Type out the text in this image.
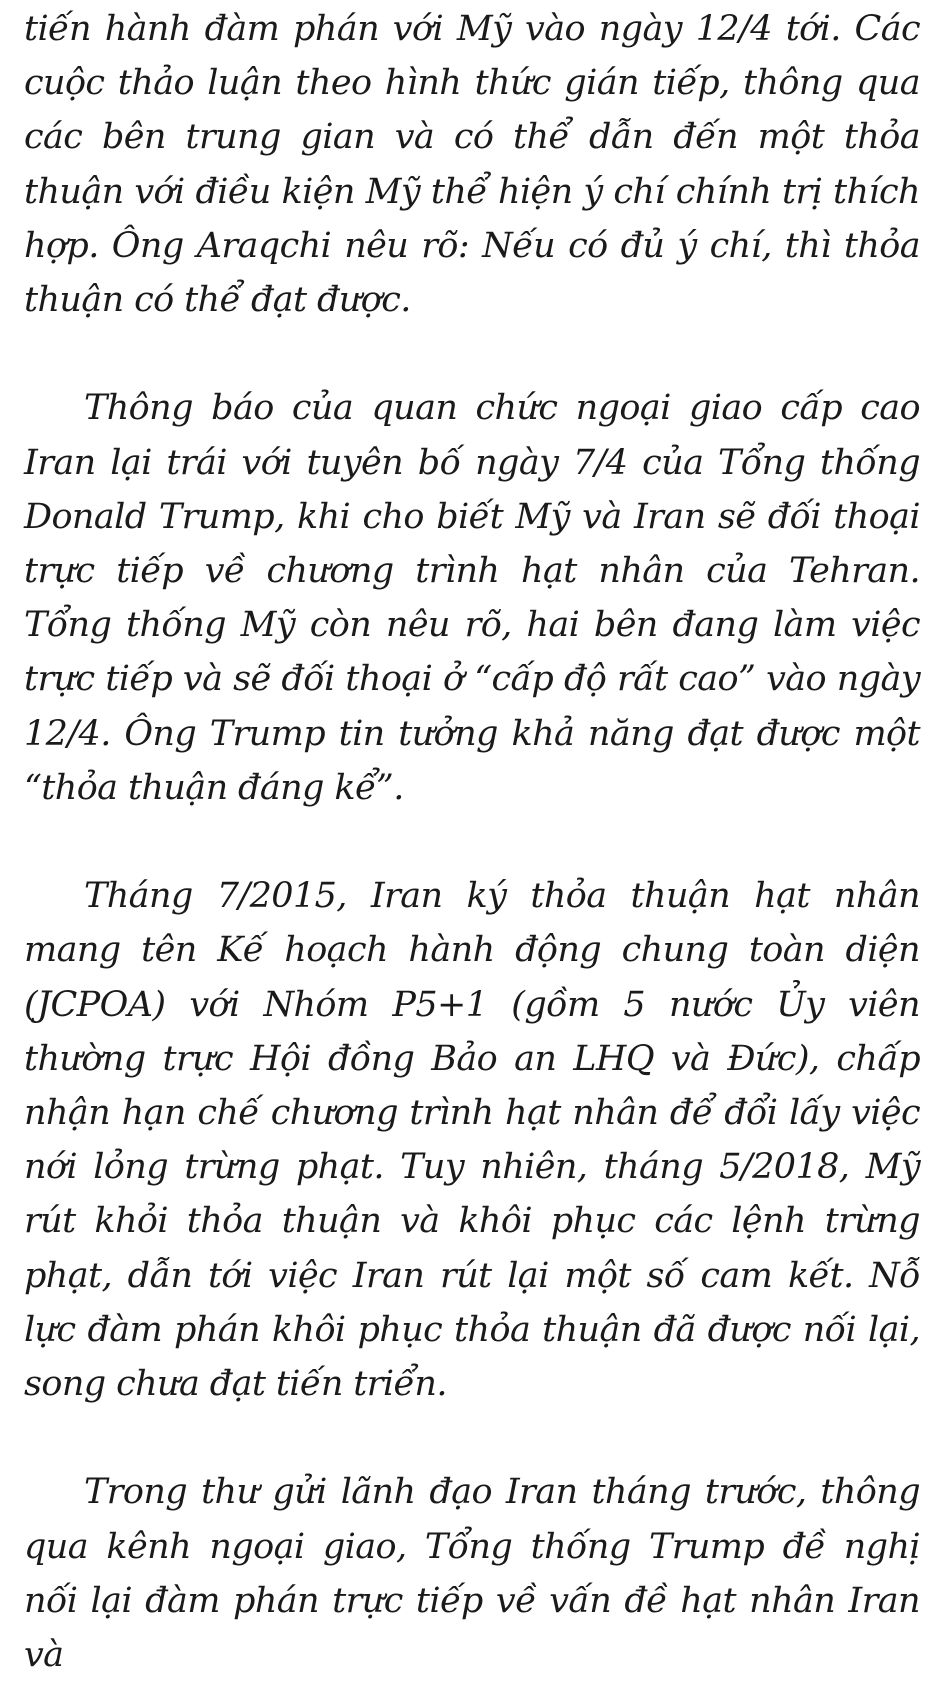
tiến hành đàm phán với Mỹ vào ngày 12/4 tới. Các cuộc thảo luận theo hình thức gián tiếp, thông qua các bên trung gian và có thể dẫn đến một thỏa thuận với điều kiện Mỹ thể hiện ý chí chính trị thích hợp. Ông Araqchi nêu rõ: Nếu có đủ ý chí, thì thỏa thuận có thể đạt được.

Thông báo của quan chức ngoại giao cấp cao Iran lại trái với tuyên bố ngày 7/4 của Tổng thống Donald Trump, khi cho biết Mỹ và Iran sẽ đối thoại trực tiếp về chương trình hạt nhân của Tehran. Tổng thống Mỹ còn nêu rõ, hai bên đang làm việc trực tiếp và sẽ đối thoại ở “cấp độ rất cao” vào ngày 12/4. Ông Trump tin tưởng khả năng đạt được một “thỏa thuận đáng kể”.

Tháng 7/2015, Iran ký thỏa thuận hạt nhân mang tên Kế hoạch hành động chung toàn diện (JCPOA) với Nhóm P5+1 (gồm 5 nước Ủy viên thường trực Hội đồng Bảo an LHQ và Đức), chấp nhận hạn chế chương trình hạt nhân để đổi lấy việc nới lỏng trừng phạt. Tuy nhiên, tháng 5/2018, Mỹ rút khỏi thỏa thuận và khôi phục các lệnh trừng phạt, dẫn tới việc Iran rút lại một số cam kết. Nỗ lực đàm phán khôi phục thỏa thuận đã được nối lại, song chưa đạt tiến triển.

Trong thư gửi lãnh đạo Iran tháng trước, thông qua kênh ngoại giao, Tổng thống Trump đề nghị nối lại đàm phán trực tiếp về vấn đề hạt nhân Iran và
